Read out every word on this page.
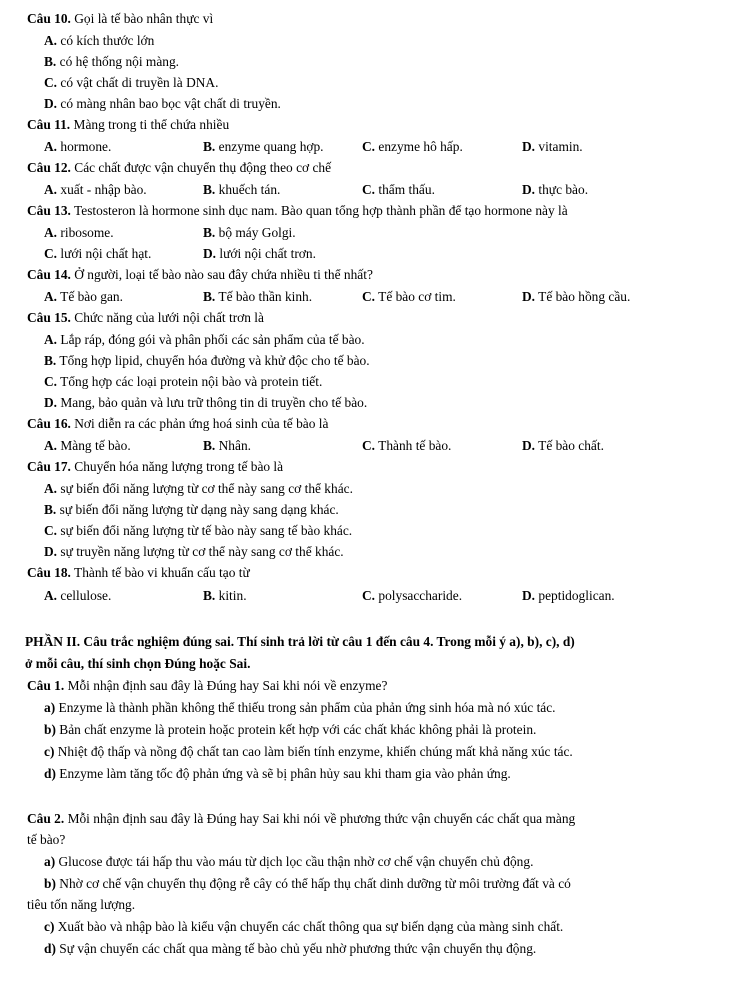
Câu 10. Gọi là tế bào nhân thực vì
A. có kích thước lớn
B. có hệ thống nội màng.
C. có vật chất di truyền là DNA.
D. có màng nhân bao bọc vật chất di truyền.
Câu 11. Màng trong ti thể chứa nhiều
A. hormone.	B. enzyme quang hợp.	C. enzyme hô hấp.	D. vitamin.
Câu 12. Các chất được vận chuyển thụ động theo cơ chế
A. xuất - nhập bào.	B. khuếch tán.	C. thẩm thấu.	D. thực bào.
Câu 13. Testosteron là hormone sinh dục nam. Bào quan tổng hợp thành phần để tạo hormone này là
A. ribosome.	B. bộ máy Golgi.
C. lưới nội chất hạt.	D. lưới nội chất trơn.
Câu 14. Ở người, loại tế bào nào sau đây chứa nhiều ti thể nhất?
A. Tế bào gan.	B. Tế bào thần kinh.	C. Tế bào cơ tim.	D. Tế bào hồng cầu.
Câu 15. Chức năng của lưới nội chất trơn là
A. Lắp ráp, đóng gói và phân phối các sản phẩm của tế bào.
B. Tổng hợp lipid, chuyển hóa đường và khử độc cho tế bào.
C. Tổng hợp các loại protein nội bào và protein tiết.
D. Mang, bảo quản và lưu trữ thông tin di truyền cho tế bào.
Câu 16. Nơi diễn ra các phản ứng hoá sinh của tế bào là
A. Màng tế bào.	B. Nhân.	C. Thành tế bào.	D. Tế bào chất.
Câu 17. Chuyển hóa năng lượng trong tế bào là
A. sự biến đổi năng lượng từ cơ thể này sang cơ thể khác.
B. sự biến đổi năng lượng từ dạng này sang dạng khác.
C. sự biến đổi năng lượng từ tế bào này sang tế bào khác.
D. sự truyền năng lượng từ cơ thể này sang cơ thể khác.
Câu 18. Thành tế bào vi khuẩn cấu tạo từ
A. cellulose.	B. kitin.	C. polysaccharide.	D. peptidoglican.
PHẦN II. Câu trắc nghiệm đúng sai. Thí sinh trả lời từ câu 1 đến câu 4. Trong mỗi ý a), b), c), d)
ở mỗi câu, thí sinh chọn Đúng hoặc Sai.
Câu 1. Mỗi nhận định sau đây là Đúng hay Sai khi nói về enzyme?
a) Enzyme là thành phần không thể thiếu trong sản phẩm của phản ứng sinh hóa mà nó xúc tác.
b) Bản chất enzyme là protein hoặc protein kết hợp với các chất khác không phải là protein.
c) Nhiệt độ thấp và nồng độ chất tan cao làm biến tính enzyme, khiến chúng mất khả năng xúc tác.
d) Enzyme làm tăng tốc độ phản ứng và sẽ bị phân hủy sau khi tham gia vào phản ứng.
Câu 2. Mỗi nhận định sau đây là Đúng hay Sai khi nói về phương thức vận chuyển các chất qua màng
tế bào?
a) Glucose được tái hấp thu vào máu từ dịch lọc cầu thận nhờ cơ chế vận chuyển chủ động.
b) Nhờ cơ chế vận chuyển thụ động rễ cây có thể hấp thụ chất dinh dưỡng từ môi trường đất và có
tiêu tốn năng lượng.
c) Xuất bào và nhập bào là kiểu vận chuyển các chất thông qua sự biến dạng của màng sinh chất.
d) Sự vận chuyển các chất qua màng tế bào chủ yếu nhờ phương thức vận chuyển thụ động.
